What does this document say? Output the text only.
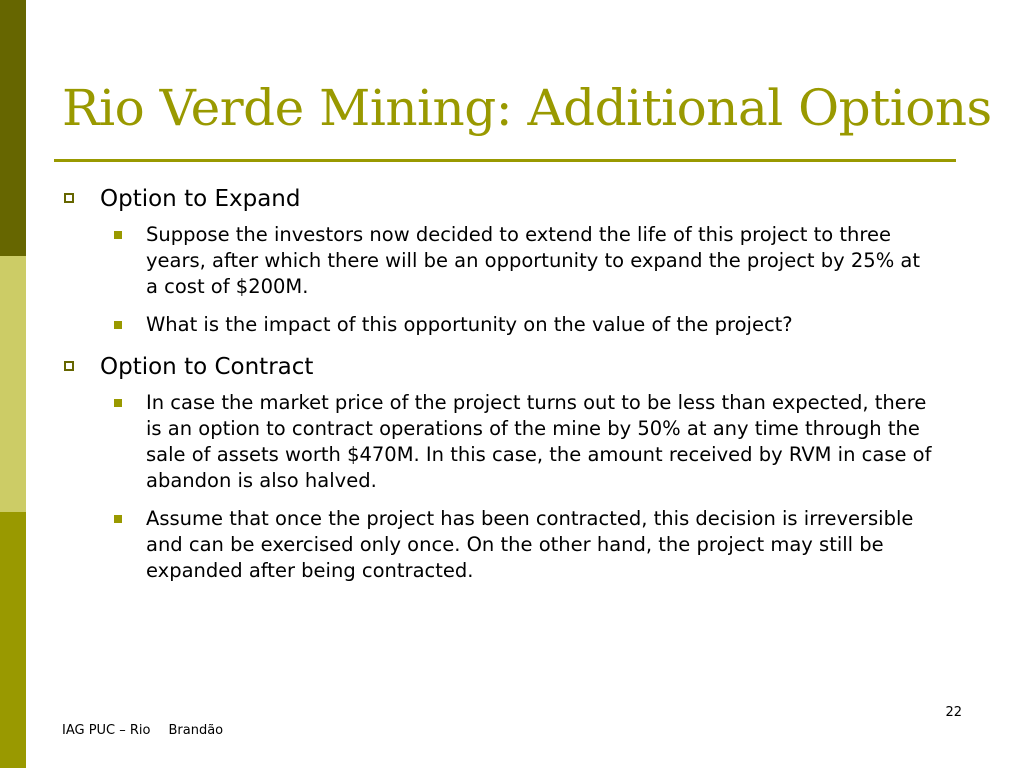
Rio Verde Mining: Additional Options
Option to Expand
Suppose the investors now decided to extend the life of this project to three years, after which there will be an opportunity to expand the project by 25% at a cost of $200M.
What is the impact of this opportunity on the value of the project?
Option to Contract
In case the market price of the project turns out to be less than expected, there is an option to contract operations of the mine by 50% at any time through the sale of assets worth $470M. In this case, the amount received by RVM in case of abandon is also halved.
Assume that once the project has been contracted, this decision is irreversible and can be exercised only once. On the other hand, the project may still be expanded after being contracted.
22
IAG PUC – Rio Brandão
